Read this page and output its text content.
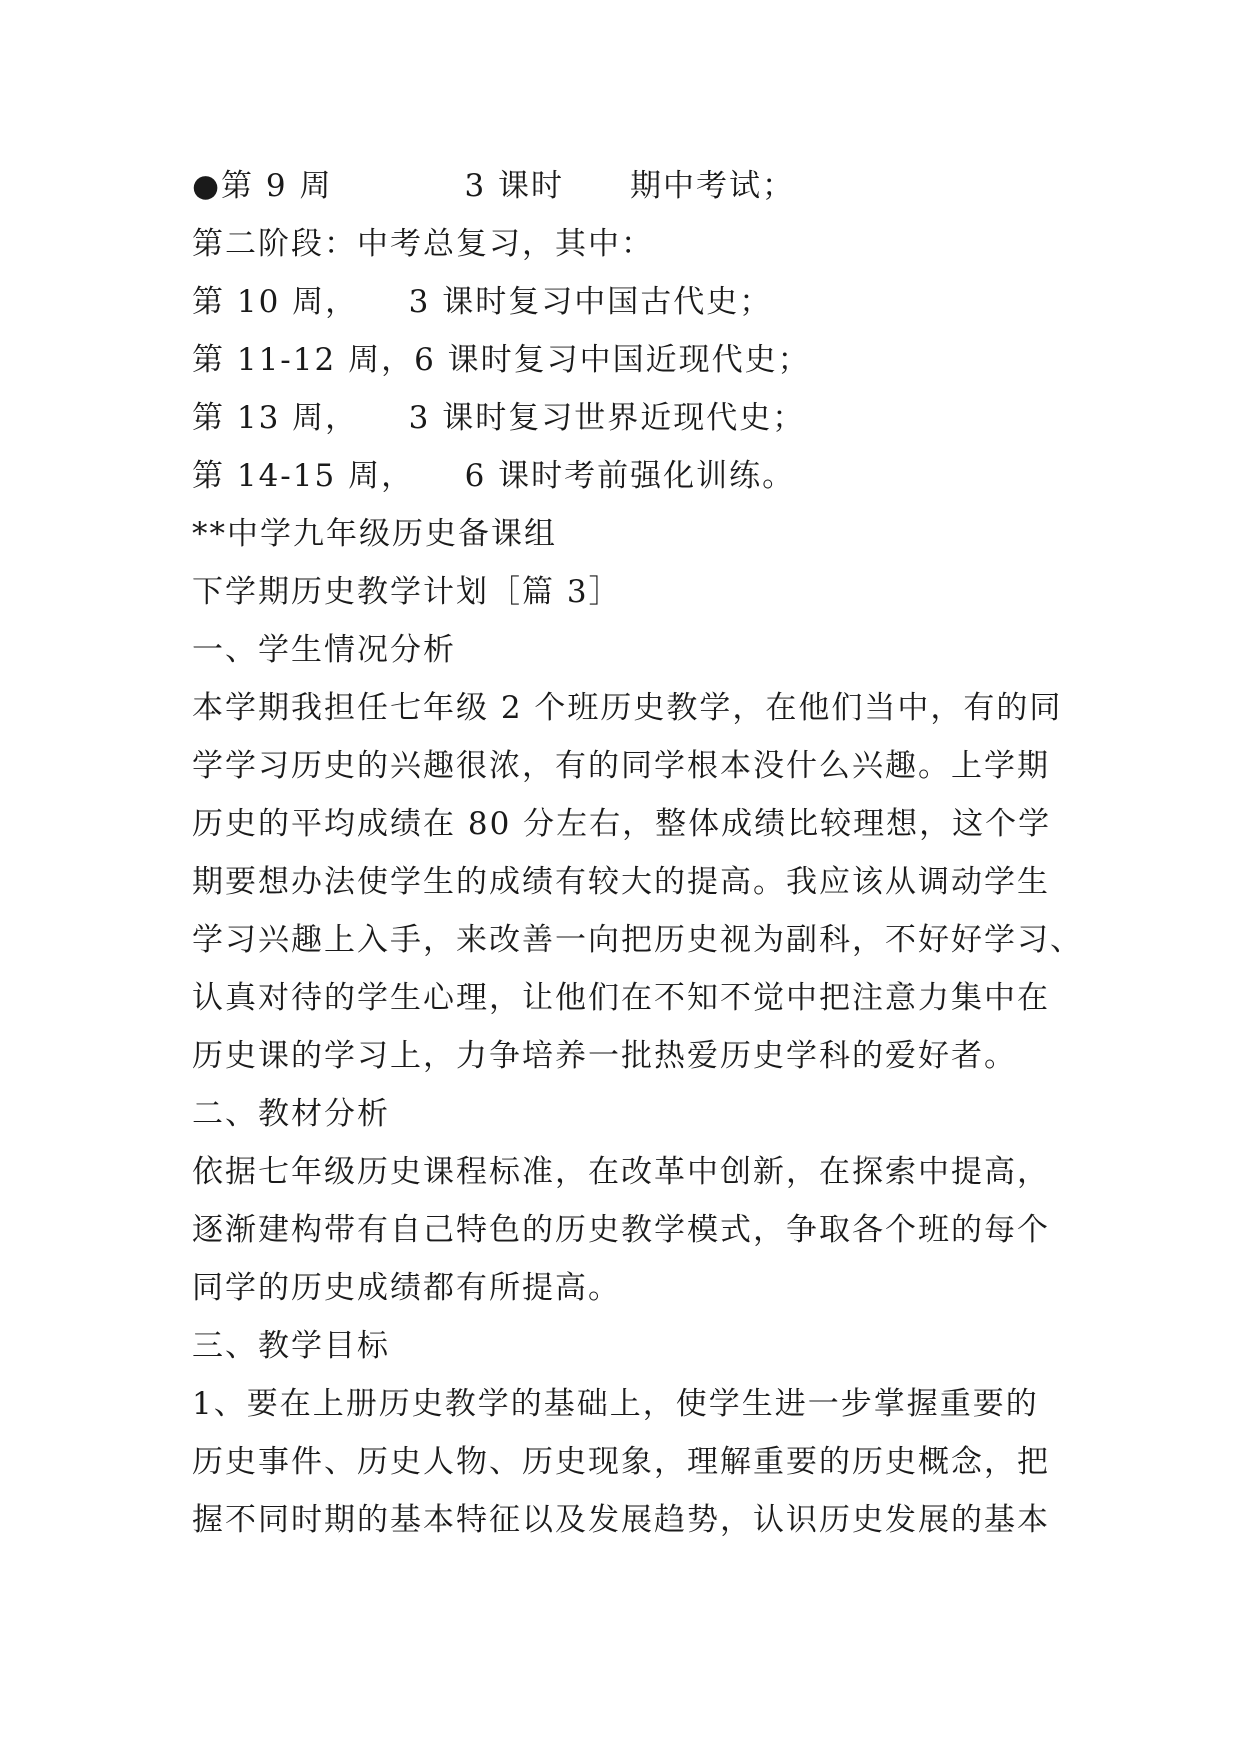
●第 9 周　　　　3 课时　　期中考试；
第二阶段：中考总复习，其中：
第 10 周，　　3 课时复习中国古代史；
第 11-12 周，6 课时复习中国近现代史；
第 13 周，　　3 课时复习世界近现代史；
第 14-15 周，　　6 课时考前强化训练。
**中学九年级历史备课组
下学期历史教学计划［篇 3］
一、学生情况分析
本学期我担任七年级 2 个班历史教学，在他们当中，有的同
学学习历史的兴趣很浓，有的同学根本没什么兴趣。上学期
历史的平均成绩在 80 分左右，整体成绩比较理想，这个学
期要想办法使学生的成绩有较大的提高。我应该从调动学生
学习兴趣上入手，来改善一向把历史视为副科，不好好学习、
认真对待的学生心理，让他们在不知不觉中把注意力集中在
历史课的学习上，力争培养一批热爱历史学科的爱好者。
二、教材分析
依据七年级历史课程标准，在改革中创新，在探索中提高，
逐渐建构带有自己特色的历史教学模式，争取各个班的每个
同学的历史成绩都有所提高。
三、教学目标
1、要在上册历史教学的基础上，使学生进一步掌握重要的
历史事件、历史人物、历史现象，理解重要的历史概念，把
握不同时期的基本特征以及发展趋势，认识历史发展的基本
